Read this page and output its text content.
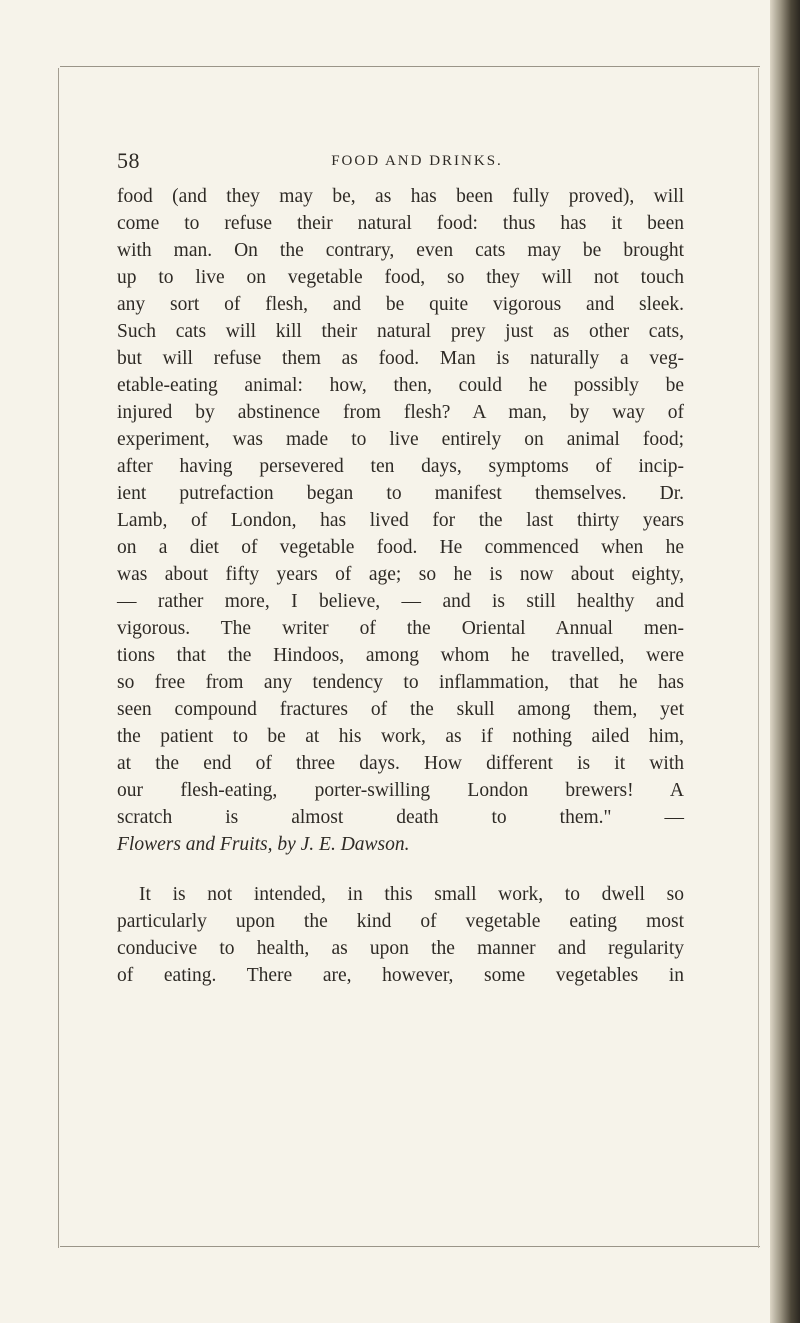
58	FOOD AND DRINKS.
food (and they may be, as has been fully proved), will
come to refuse their natural food: thus has it been
with man. On the contrary, even cats may be brought
up to live on vegetable food, so they will not touch
any sort of flesh, and be quite vigorous and sleek.
Such cats will kill their natural prey just as other cats,
but will refuse them as food. Man is naturally a veg-
etable-eating animal: how, then, could he possibly be
injured by abstinence from flesh? A man, by way of
experiment, was made to live entirely on animal food;
after having persevered ten days, symptoms of incip-
ient putrefaction began to manifest themselves. Dr.
Lamb, of London, has lived for the last thirty years
on a diet of vegetable food. He commenced when he
was about fifty years of age; so he is now about eighty,
— rather more, I believe, — and is still healthy and
vigorous. The writer of the Oriental Annual men-
tions that the Hindoos, among whom he travelled, were
so free from any tendency to inflammation, that he has
seen compound fractures of the skull among them, yet
the patient to be at his work, as if nothing ailed him,
at the end of three days. How different is it with
our flesh-eating, porter-swilling London brewers! A
scratch is almost death to them." —
Flowers and Fruits, by J. E. Dawson.
It is not intended, in this small work, to dwell so
particularly upon the kind of vegetable eating most
conducive to health, as upon the manner and regularity
of eating. There are, however, some vegetables in
